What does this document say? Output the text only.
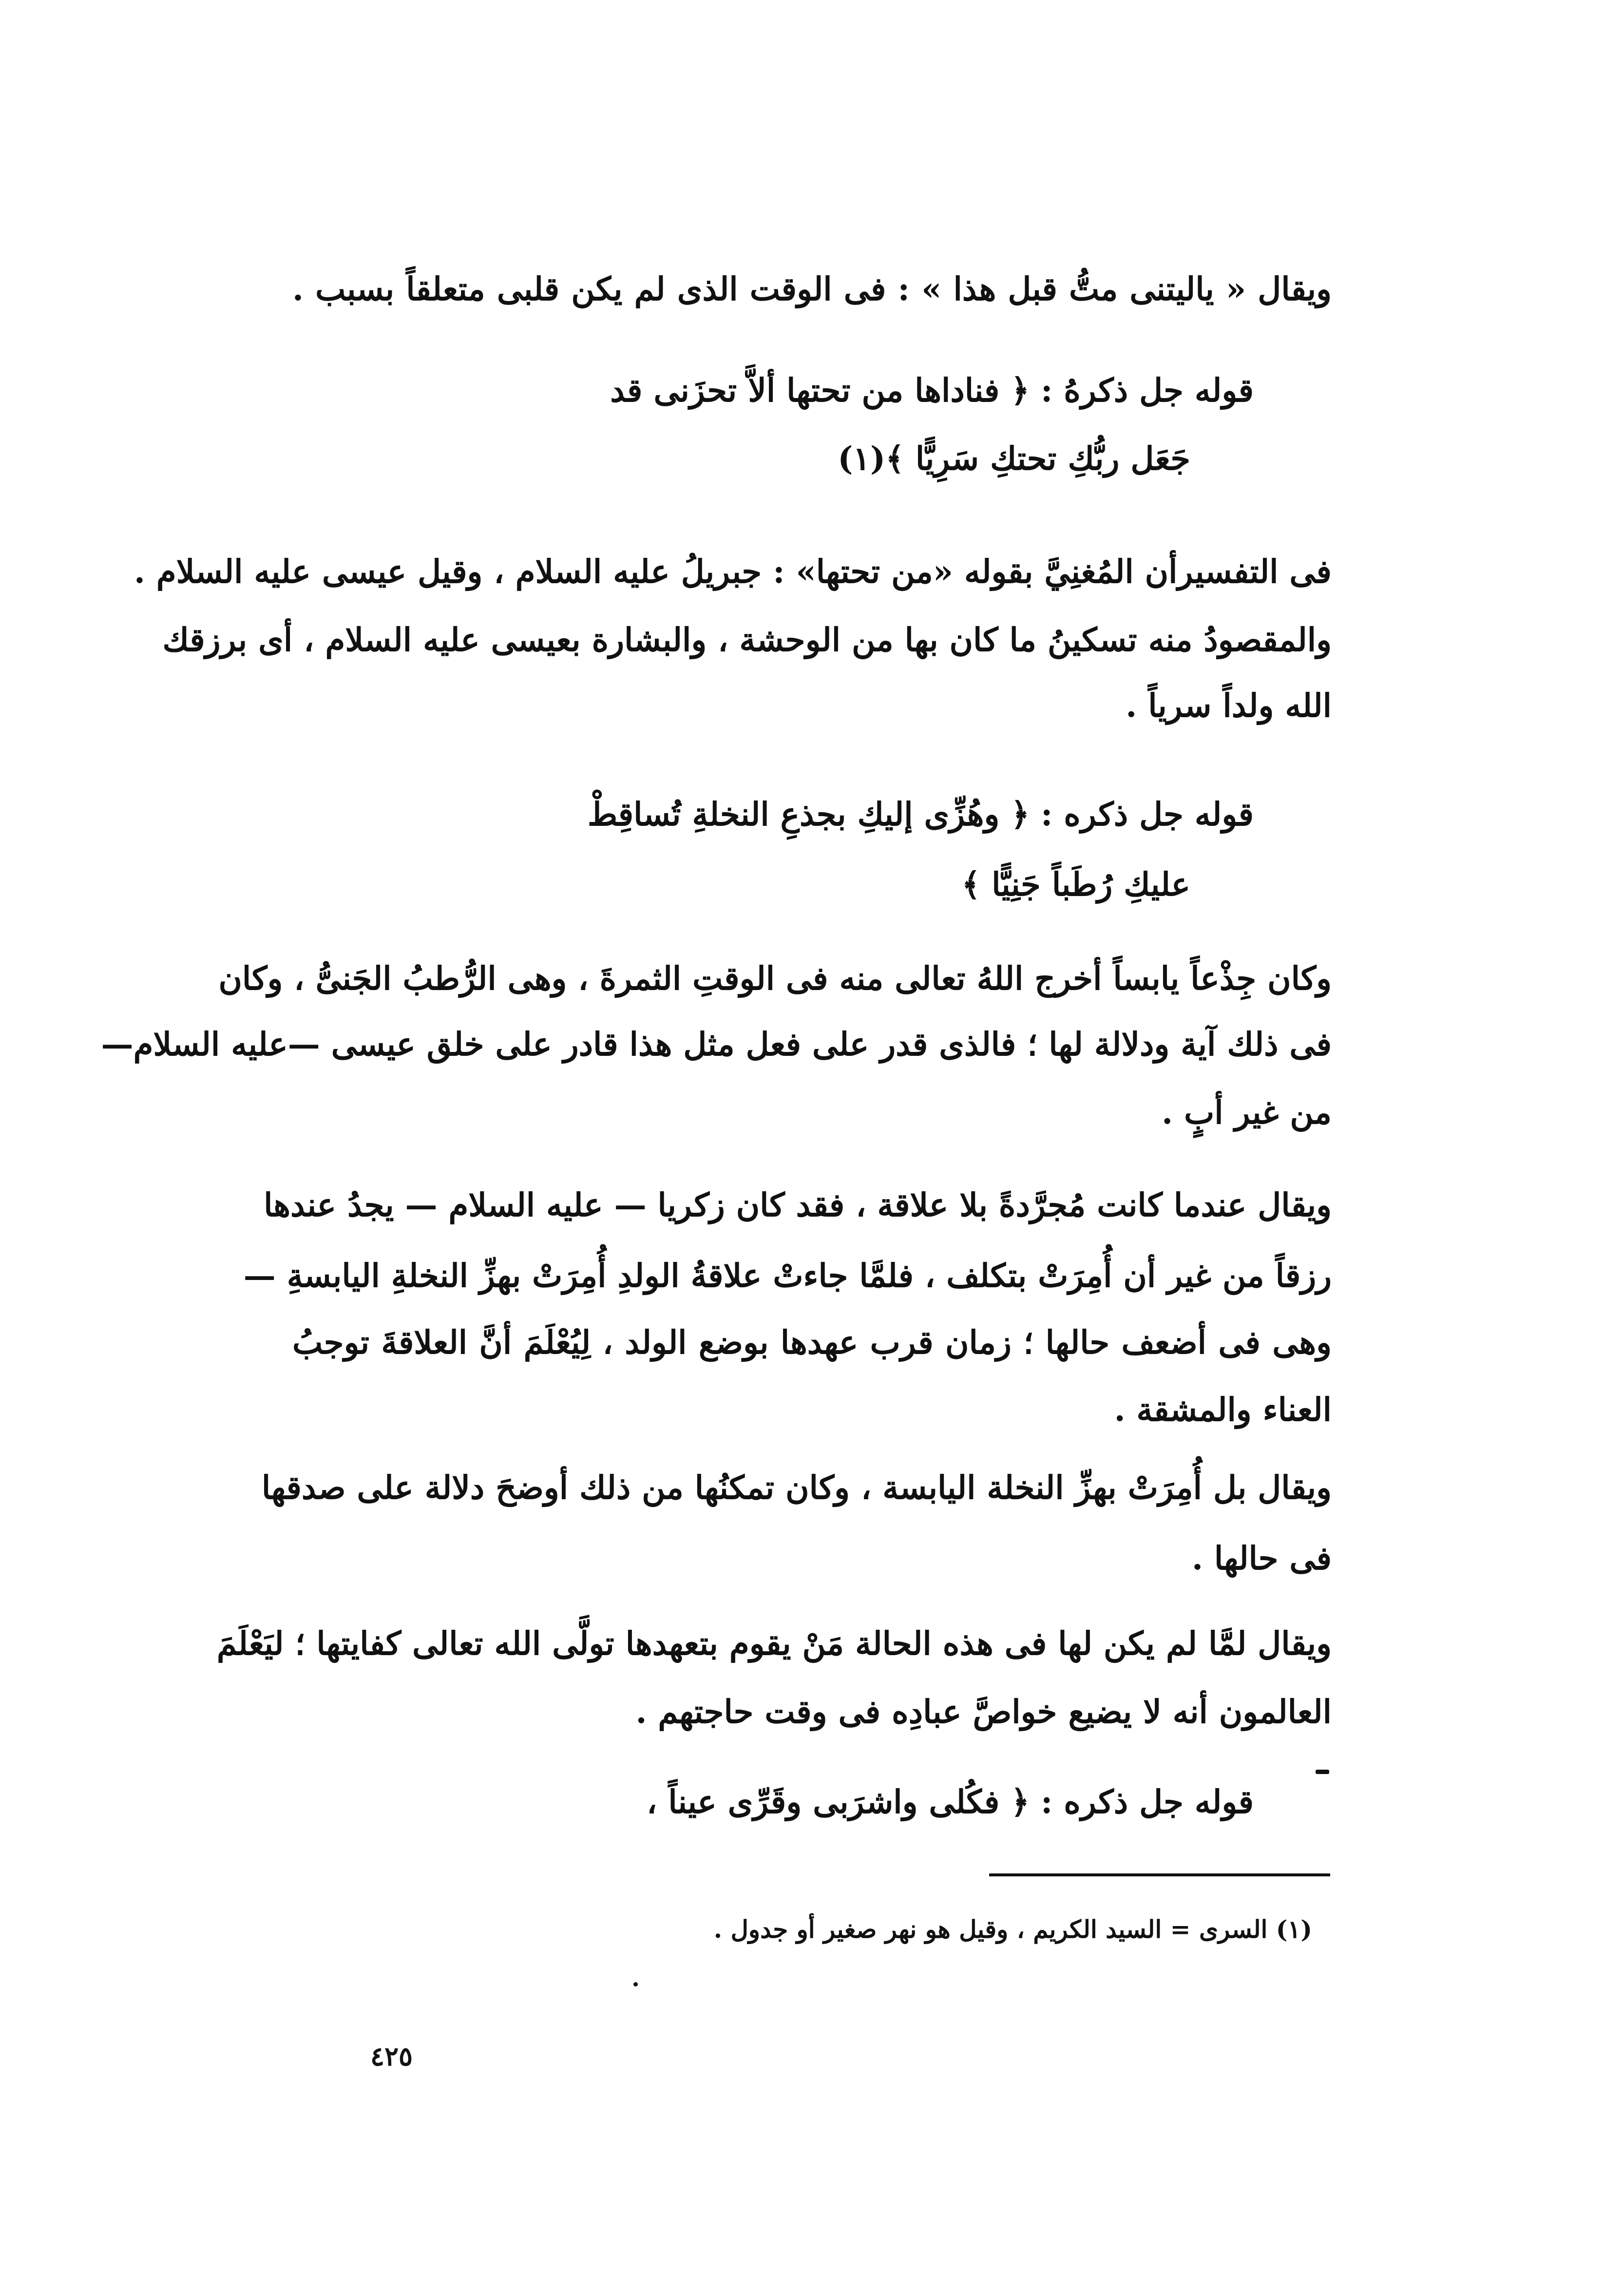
ويقال « ياليتنى متُّ قبل هذا » : فى الوقت الذى لم يكن قلبى متعلقاً بسبب .
قوله جل ذكرهُ : ﴿ فناداها من تحتها ألاَّ تحزَنى قد
جَعَل ربُّكِ تحتكِ سَرِيًّا ﴾(١)
فى التفسيرأن المُغنِيَّ بقوله «من تحتها» : جبريلُ عليه السلام ، وقيل عيسى عليه السلام .
والمقصودُ منه تسكينُ ما كان بها من الوحشة ، والبشارة بعيسى عليه السلام ، أى برزقك
الله ولداً سرياً .
قوله جل ذكره : ﴿ وهُزِّى إليكِ بجذعِ النخلةِ تُساقِطْ
عليكِ رُطَباً جَنِيًّا ﴾
وكان جِذْعاً يابساً أخرج اللهُ تعالى منه فى الوقتِ الثمرةَ ، وهى الرُّطبُ الجَنىُّ ، وكان
فى ذلك آية ودلالة لها ؛ فالذى قدر على فعل مثل هذا قادر على خلق عيسى —عليه السلام—
من غير أبٍ .
ويقال عندما كانت مُجرَّدةً بلا علاقة ، فقد كان زكريا — عليه السلام — يجدُ عندها
رزقاً من غير أن أُمِرَتْ بتكلف ، فلمَّا جاءتْ علاقةُ الولدِ أُمِرَتْ بهزِّ النخلةِ اليابسةِ —
وهى فى أضعف حالها ؛ زمان قرب عهدها بوضع الولد ، لِيُعْلَمَ أنَّ العلاقةَ توجبُ
العناء والمشقة .
ويقال بل أُمِرَتْ بهزِّ النخلة اليابسة ، وكان تمكنُها من ذلك أوضحَ دلالة على صدقها
فى حالها .
ويقال لمَّا لم يكن لها فى هذه الحالة مَنْ يقوم بتعهدها تولَّى الله تعالى كفايتها ؛ ليَعْلَمَ
العالمون أنه لا يضيع خواصَّ عبادِه فى وقت حاجتهم .
قوله جل ذكره : ﴿ فكُلى واشرَبى وقَرِّى عيناً ،
(١) السرى = السيد الكريم ، وقيل هو نهر صغير أو جدول .
٤٢٥
